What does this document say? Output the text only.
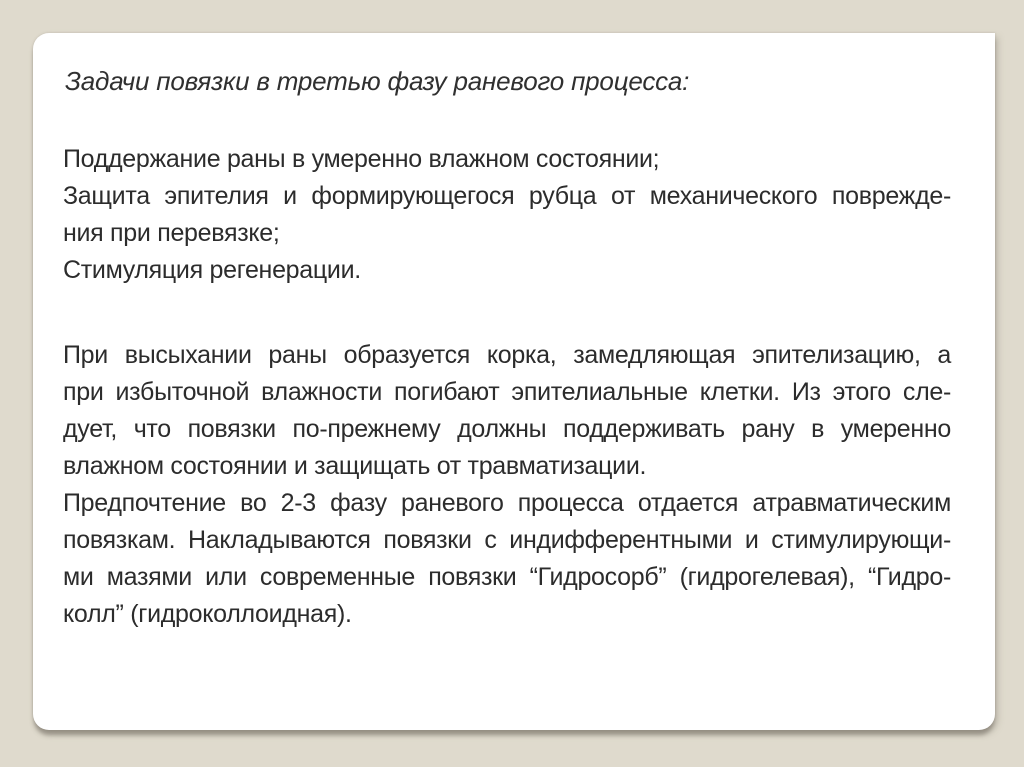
Задачи повязки в третью фазу раневого процесса:
Поддержание раны в умеренно влажном состоянии;
Защита эпителия и формирующегося рубца от механического поврежде-
ния при перевязке;
Стимуляция регенерации.
При высыхании раны образуется корка, замедляющая эпителизацию, а
при избыточной влажности погибают эпителиальные клетки. Из этого сле-
дует, что повязки по-прежнему должны поддерживать рану в умеренно
влажном состоянии и защищать от травматизации.
Предпочтение во 2-3 фазу раневого процесса отдается атравматическим
повязкам. Накладываются повязки с индифферентными и стимулирующи-
ми мазями или современные повязки “Гидросорб” (гидрогелевая), “Гидро-
колл” (гидроколлоидная).
